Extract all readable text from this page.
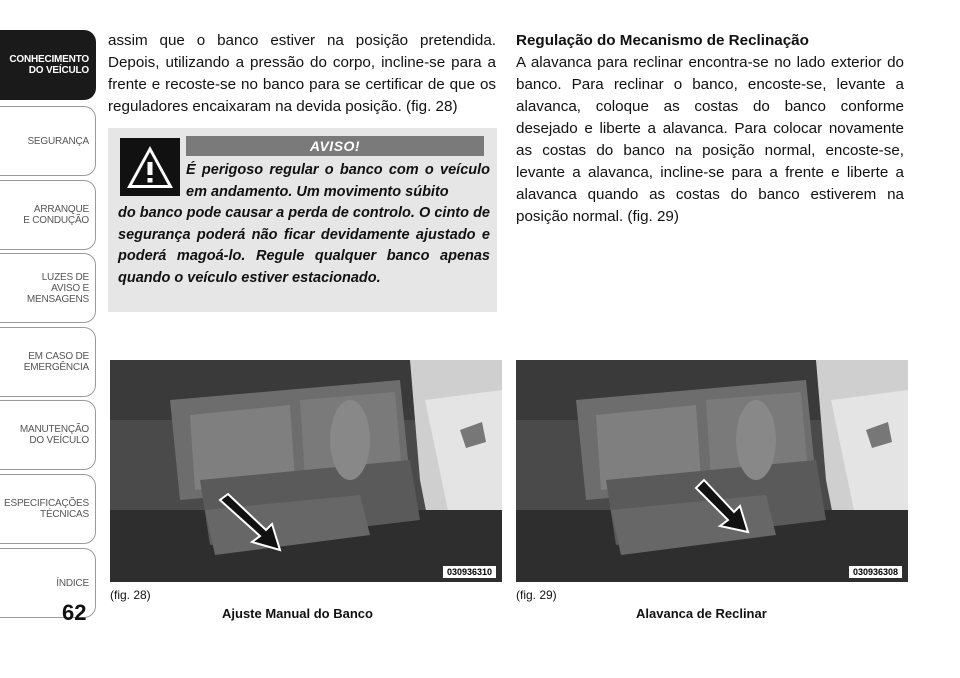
CONHECIMENTO
DO VEÍCULO
SEGURANÇA
ARRANQUE
E CONDUÇÃO
LUZES DE
AVISO E
MENSAGENS
EM CASO DE
EMERGÊNCIA
MANUTENÇÃO
DO VEÍCULO
ESPECIFICAÇÕES
TÉCNICAS
ÍNDICE
62

assim que o banco estiver na posição pretendida. Depois, utilizando a pressão do corpo, incline-se para a frente e recoste-se no banco para se certificar de que os reguladores encaixaram na devida posição. (fig. 28)

AVISO!
É perigoso regular o banco com o veículo em andamento. Um movimento súbito
do banco pode causar a perda de controlo. O cinto de segurança poderá não ficar devidamente ajustado e poderá magoá-lo. Regule qualquer banco apenas quando o veículo estiver estacionado.
Regulação do Mecanismo de Reclinação

A alavanca para reclinar encontra-se no lado exterior do banco. Para reclinar o banco, encoste-se, levante a alavanca, coloque as costas do banco conforme desejado e liberte a alavanca. Para colocar novamente as costas do banco na posição normal, encoste-se, levante a alavanca, incline-se para a frente e liberte a alavanca quando as costas do banco estiverem na posição normal. (fig. 29)

030936310
(fig. 28)
Ajuste Manual do Banco
030936308
(fig. 29)
Alavanca de Reclinar
